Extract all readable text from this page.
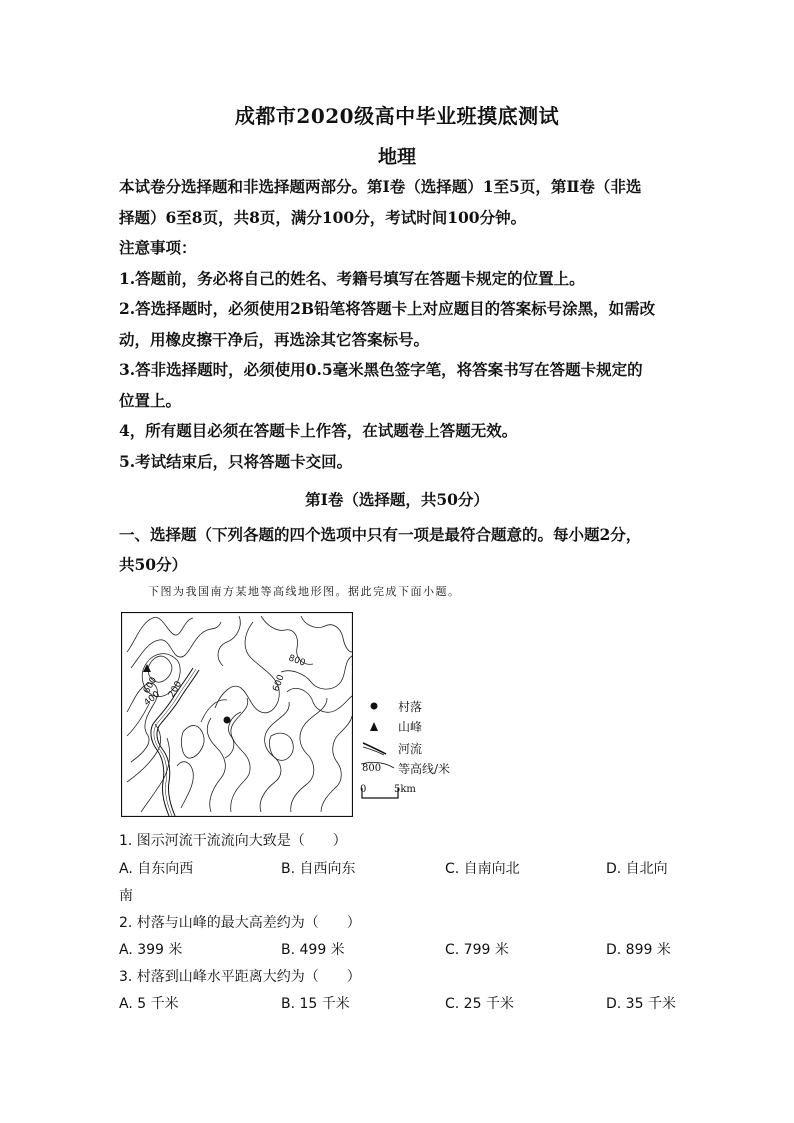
成都市2020级高中毕业班摸底测试
地理

本试卷分选择题和非选择题两部分。第Ⅰ卷（选择题）1至5页，第Ⅱ卷（非选

择题）6至8页，共8页，满分100分，考试时间100分钟。

注意事项：

1.答题前，务必将自己的姓名、考籍号填写在答题卡规定的位置上。

2.答选择题时，必须使用2B铅笔将答题卡上对应题目的答案标号涂黑，如需改

动，用橡皮擦干净后，再选涂其它答案标号。

3.答非选择题时，必须使用0.5毫米黑色签字笔，将答案书写在答题卡规定的

位置上。

4，所有题目必须在答题卡上作答，在试题卷上答题无效。

5.考试结束后，只将答题卡交回。

第Ⅰ卷（选择题，共50分）
一、选择题（下列各题的四个选项中只有一项是最符合题意的。每小题2分，
共50分）
下图为我国南方某地等高线地形图。据此完成下面小题。
800
600
600
400 200
村落
山峰
河流
800 等高线/米
0	5km
1. 图示河流干流流向大致是（　　）
A. 自东向西	B. 自西向东	C. 自南向北	D. 自北向
南
2. 村落与山峰的最大高差约为（　　）
A. 399 米	B. 499 米	C. 799 米	D. 899 米
3. 村落到山峰水平距离大约为（　　）
A. 5 千米	B. 15 千米	C. 25 千米	D. 35 千米
